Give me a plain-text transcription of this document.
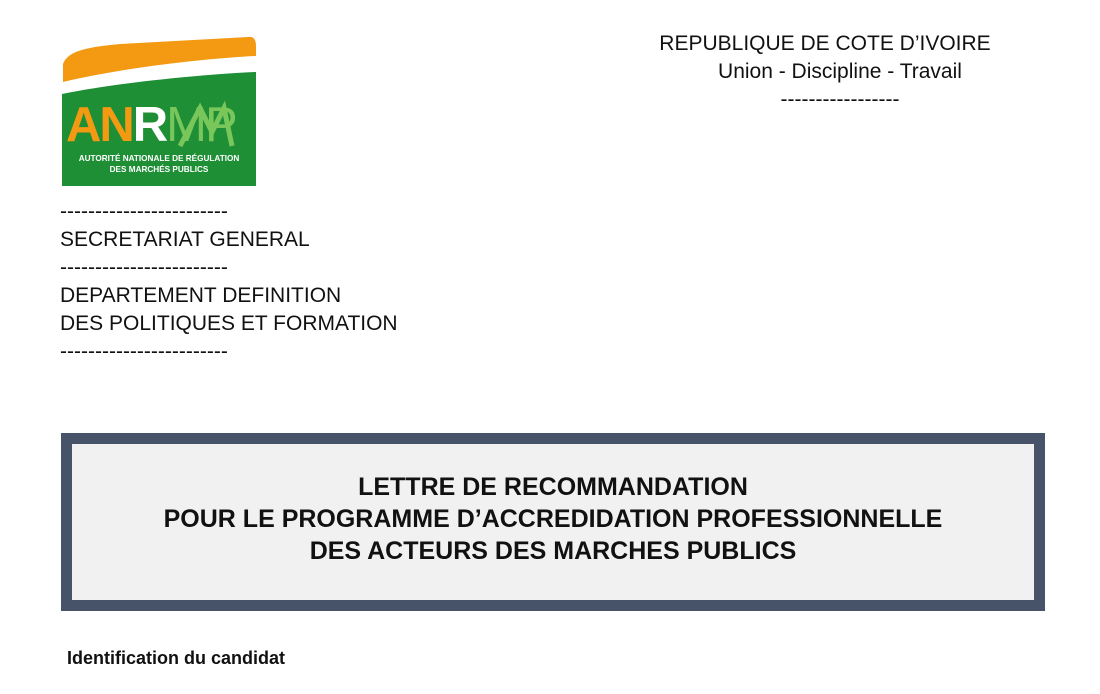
ANRMP
AUTORITÉ NATIONALE DE RÉGULATION
DES MARCHÉS PUBLICS
REPUBLIQUE DE COTE D’IVOIRE
Union - Discipline - Travail
-----------------
------------------------
SECRETARIAT GENERAL
------------------------
DEPARTEMENT DEFINITION
DES POLITIQUES ET FORMATION
------------------------
LETTRE DE RECOMMANDATION
POUR LE PROGRAMME D’ACCREDIDATION PROFESSIONNELLE
DES ACTEURS DES MARCHES PUBLICS
Identification du candidat
